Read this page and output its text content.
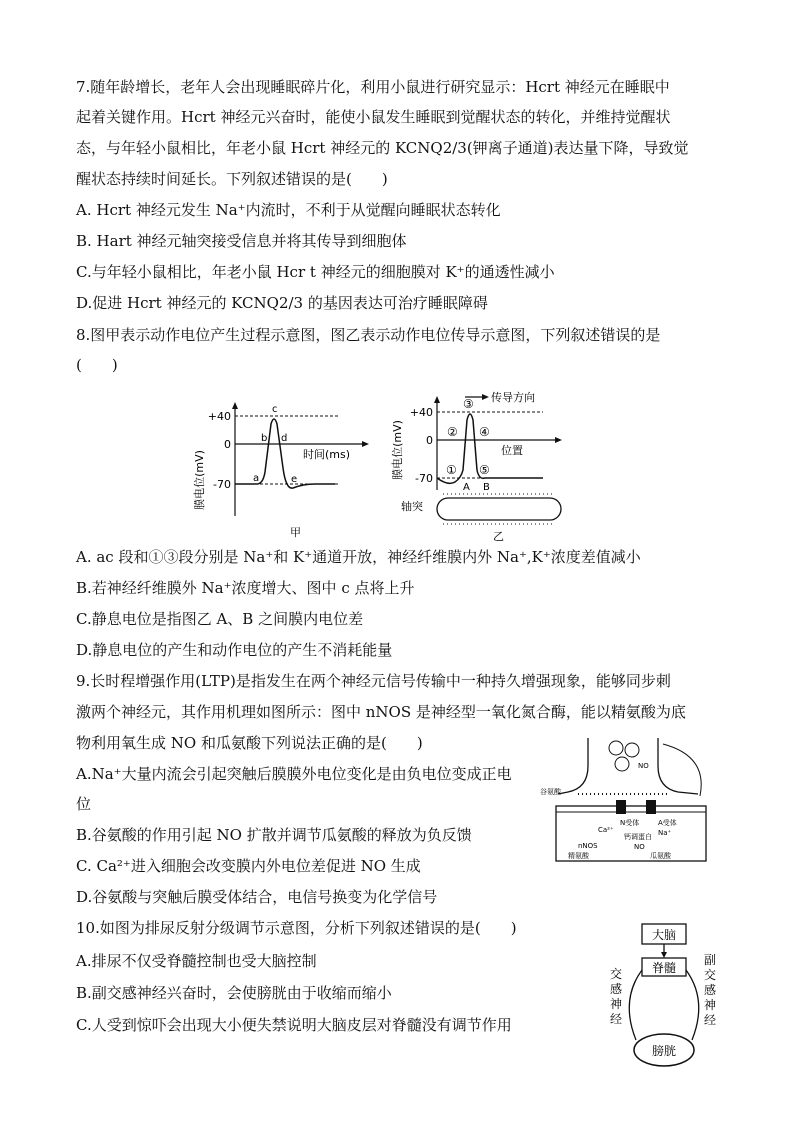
7.随年龄增长，老年人会出现睡眠碎片化，利用小鼠进行研究显示：Hcrt 神经元在睡眠中
起着关键作用。Hcrt 神经元兴奋时，能使小鼠发生睡眠到觉醒状态的转化，并维持觉醒状
态，与年轻小鼠相比，年老小鼠 Hcrt 神经元的 KCNQ2/3(钾离子通道)表达量下降，导致觉
醒状态持续时间延长。下列叙述错误的是(　　)
A. Hcrt 神经元发生 Na⁺内流时，不利于从觉醒向睡眠状态转化
B. Hart 神经元轴突接受信息并将其传导到细胞体
C.与年轻小鼠相比，年老小鼠 Hcr t 神经元的细胞膜对 K⁺的通透性减小
D.促进 Hcrt 神经元的 KCNQ2/3 的基因表达可治疗睡眠障碍
8.图甲表示动作电位产生过程示意图，图乙表示动作电位传导示意图，下列叙述错误的是
(　　)
膜电位(mV)
+40
0
-70 a
b
c
d
e
时间(ms)
甲
膜电位(mV)
+40
0
-70
传导方向
①
②
③
④
⑤
A B
位置
轴突
乙
A. ac 段和①③段分别是 Na⁺和 K⁺通道开放，神经纤维膜内外 Na⁺,K⁺浓度差值减小
B.若神经纤维膜外 Na⁺浓度增大、图中 c 点将上升
C.静息电位是指图乙 A、B 之间膜内电位差
D.静息电位的产生和动作电位的产生不消耗能量
9.长时程增强作用(LTP)是指发生在两个神经元信号传输中一种持久增强现象，能够同步刺
激两个神经元，其作用机理如图所示：图中 nNOS 是神经型一氧化氮合酶，能以精氨酸为底
物利用氧生成 NO 和瓜氨酸下列说法正确的是(　　)
A.Na⁺大量内流会引起突触后膜膜外电位变化是由负电位变成正电
位
B.谷氨酸的作用引起 NO 扩散并调节瓜氨酸的释放为负反馈
C. Ca²⁺进入细胞会改变膜内外电位差促进 NO 生成
D.谷氨酸与突触后膜受体结合，电信号换变为化学信号
NO
谷氨酸
N受体	A受体
Ca²⁺	Na⁺
钙调蛋白
nNOS	NO
精氨酸	瓜氨酸
10.如图为排尿反射分级调节示意图，分析下列叙述错误的是(　　)
A.排尿不仅受脊髓控制也受大脑控制
B.副交感神经兴奋时，会使膀胱由于收缩而缩小
C.人受到惊吓会出现大小便失禁说明大脑皮层对脊髓没有调节作用
大脑
脊髓
膀胱
交
感
神
经
副
交
感
神
经
